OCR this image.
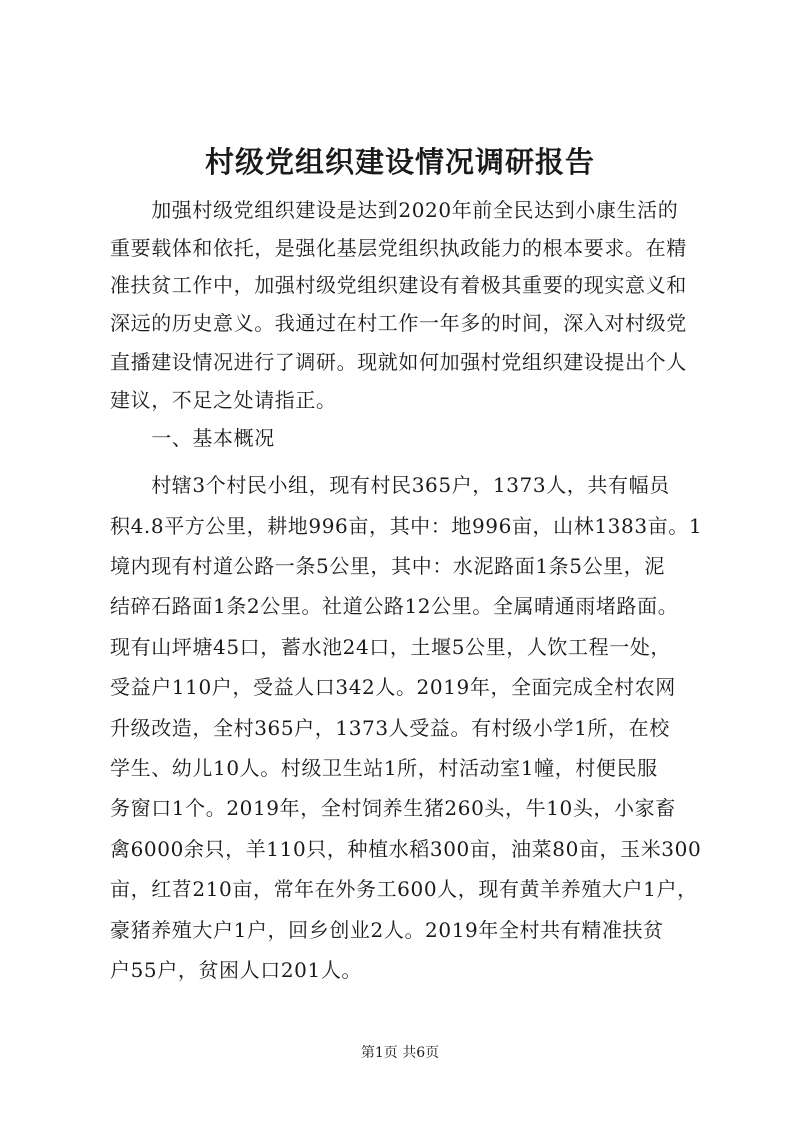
村级党组织建设情况调研报告
　　加强村级党组织建设是达到2020年前全民达到小康生活的
重要载体和依托，是强化基层党组织执政能力的根本要求。在精
准扶贫工作中，加强村级党组织建设有着极其重要的现实意义和
深远的历史意义。我通过在村工作一年多的时间，深入对村级党
直播建设情况进行了调研。现就如何加强村党组织建设提出个人
建议，不足之处请指正。
　　一、基本概况
　　村辖3个村民小组，现有村民365户，1373人，共有幅员
积4.8平方公里，耕地996亩，其中：地996亩，山林1383亩。1
境内现有村道公路一条5公里，其中：水泥路面1条5公里，泥
结碎石路面1条2公里。社道公路12公里。全属晴通雨堵路面。
现有山坪塘45口，蓄水池24口，土堰5公里，人饮工程一处，
受益户110户，受益人口342人。2019年，全面完成全村农网
升级改造，全村365户，1373人受益。有村级小学1所，在校
学生、幼儿10人。村级卫生站1所，村活动室1幢，村便民服
务窗口1个。2019年，全村饲养生猪260头，牛10头，小家畜
禽6000余只，羊110只，种植水稻300亩，油菜80亩，玉米300
亩，红苕210亩，常年在外务工600人，现有黄羊养殖大户1户，
豪猪养殖大户1户，回乡创业2人。2019年全村共有精准扶贫
户55户，贫困人口201人。
第1页 共6页
